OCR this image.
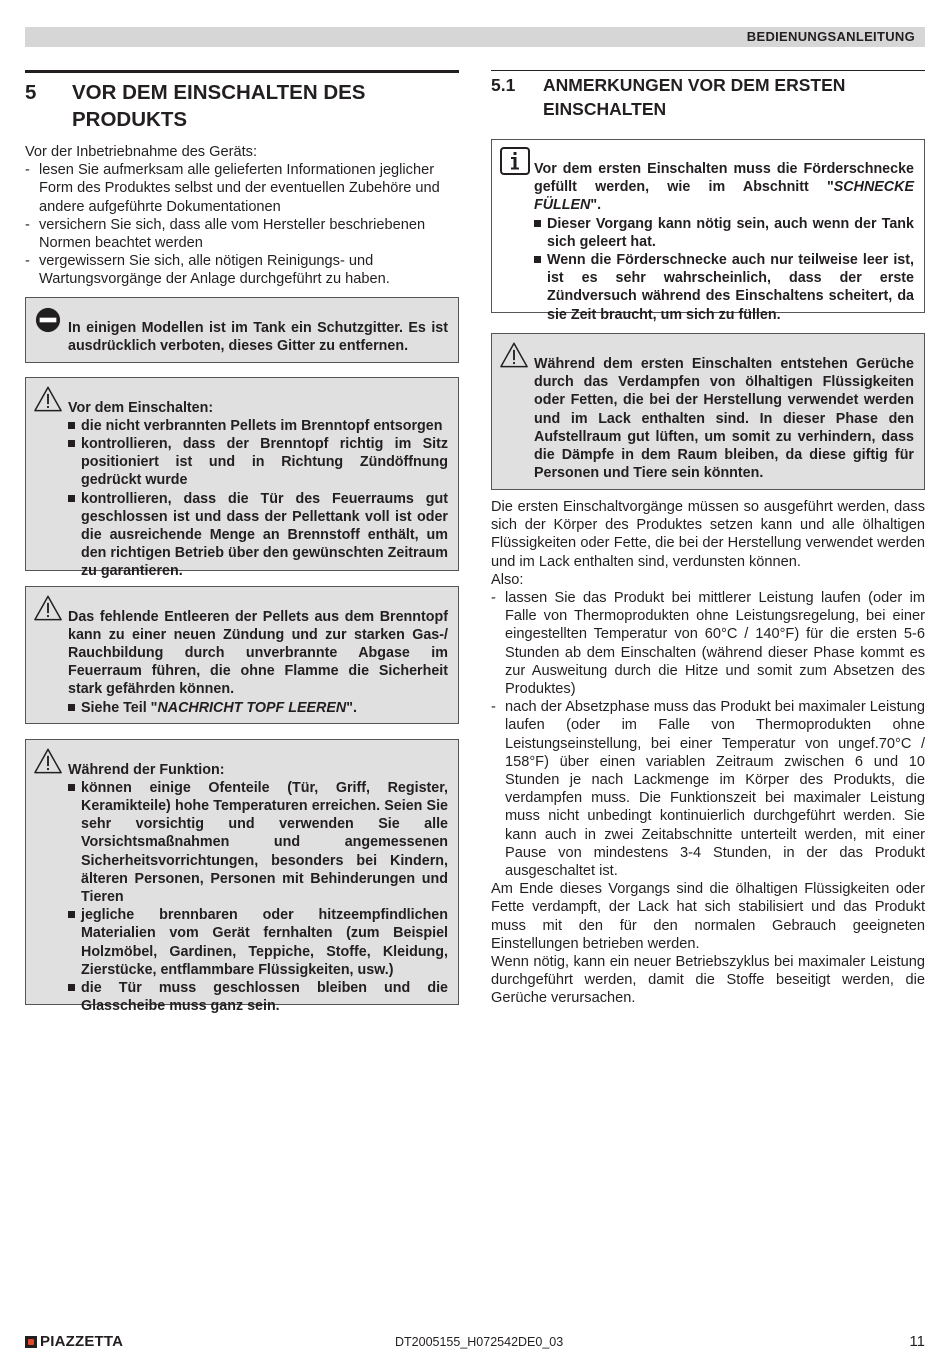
BEDIENUNGSANLEITUNG
5	VOR DEM EINSCHALTEN DES PRODUKTS

Vor der Inbetriebnahme des Geräts:

- lesen Sie aufmerksam alle gelieferten Informationen jeglicher Form des Produktes selbst und der eventuellen Zubehöre und andere aufgeführte Dokumentationen
- versichern Sie sich, dass alle vom Hersteller beschriebenen Normen beachtet werden
- vergewissern Sie sich, alle nötigen Reinigungs- und Wartungsvorgänge der Anlage durchgeführt zu haben.

In einigen Modellen ist im Tank ein Schutzgitter. Es ist ausdrücklich verboten, dieses Gitter zu entfernen.

Vor dem Einschalten:

die nicht verbrannten Pellets im Brenntopf entsorgen
kontrollieren, dass der Brenntopf richtig im Sitz positioniert ist und in Richtung Zündöffnung gedrückt wurde
kontrollieren, dass die Tür des Feuerraums gut geschlossen ist und dass der Pellettank voll ist oder die ausreichende Menge an Brennstoff enthält, um den richtigen Betrieb über den gewünschten Zeitraum zu garantieren.

Das fehlende Entleeren der Pellets aus dem Brenntopf kann zu einer neuen Zündung und zur starken Gas-/ Rauchbildung durch unverbrannte Abgase im Feuerraum führen, die ohne Flamme die Sicherheit stark gefährden können.

Siehe Teil "NACHRICHT TOPF LEEREN".

Während der Funktion:

können einige Ofenteile (Tür, Griff, Register, Keramikteile) hohe Temperaturen erreichen. Seien Sie sehr vorsichtig und verwenden Sie alle Vorsichtsmaßnahmen und angemessenen Sicherheitsvorrichtungen, besonders bei Kindern, älteren Personen, Personen mit Behinderungen und Tieren
jegliche brennbaren oder hitzeempfindlichen Materialien vom Gerät fernhalten (zum Beispiel Holzmöbel, Gardinen, Teppiche, Stoffe, Kleidung, Zierstücke, entflammbare Flüssigkeiten, usw.)
die Tür muss geschlossen bleiben und die Glasscheibe muss ganz sein.
5.1	ANMERKUNGEN VOR DEM ERSTEN EINSCHALTEN

Vor dem ersten Einschalten muss die Förderschnecke gefüllt werden, wie im Abschnitt "SCHNECKE FÜLLEN".

Dieser Vorgang kann nötig sein, auch wenn der Tank sich geleert hat.
Wenn die Förderschnecke auch nur teilweise leer ist, ist es sehr wahrscheinlich, dass der erste Zündversuch während des Einschaltens scheitert, da sie Zeit braucht, um sich zu füllen.

Während dem ersten Einschalten entstehen Gerüche durch das Verdampfen von ölhaltigen Flüssigkeiten oder Fetten, die bei der Herstellung verwendet werden und im Lack enthalten sind. In dieser Phase den Aufstellraum gut lüften, um somit zu verhindern, dass die Dämpfe in dem Raum bleiben, da diese giftig für Personen und Tiere sein könnten.

Die ersten Einschaltvorgänge müssen so ausgeführt werden, dass sich der Körper des Produktes setzen kann und alle ölhaltigen Flüssigkeiten oder Fette, die bei der Herstellung verwendet werden und im Lack enthalten sind, verdunsten können.

Also:

- lassen Sie das Produkt bei mittlerer Leistung laufen (oder im Falle von Thermoprodukten ohne Leistungsregelung, bei einer eingestellten Temperatur von 60°C / 140°F) für die ersten 5-6 Stunden ab dem Einschalten (während dieser Phase kommt es zur Ausweitung durch die Hitze und somit zum Absetzen des Produktes)
- nach der Absetzphase muss das Produkt bei maximaler Leistung laufen (oder im Falle von Thermoprodukten ohne Leistungseinstellung, bei einer Temperatur von ungef.70°C / 158°F) über einen variablen Zeitraum zwischen 6 und 10 Stunden je nach Lackmenge im Körper des Produkts, die verdampfen muss. Die Funktionszeit bei maximaler Leistung muss nicht unbedingt kontinuierlich durchgeführt werden. Sie kann auch in zwei Zeitabschnitte unterteilt werden, mit einer Pause von mindestens 3-4 Stunden, in der das Produkt ausgeschaltet ist.

Am Ende dieses Vorgangs sind die ölhaltigen Flüssigkeiten oder Fette verdampft, der Lack hat sich stabilisiert und das Produkt muss mit den für den normalen Gebrauch geeigneten Einstellungen betrieben werden.

Wenn nötig, kann ein neuer Betriebszyklus bei maximaler Leistung durchgeführt werden, damit die Stoffe beseitigt werden, die Gerüche verursachen.

PIAZZETTA	DT2005155_H072542DE0_03	11
